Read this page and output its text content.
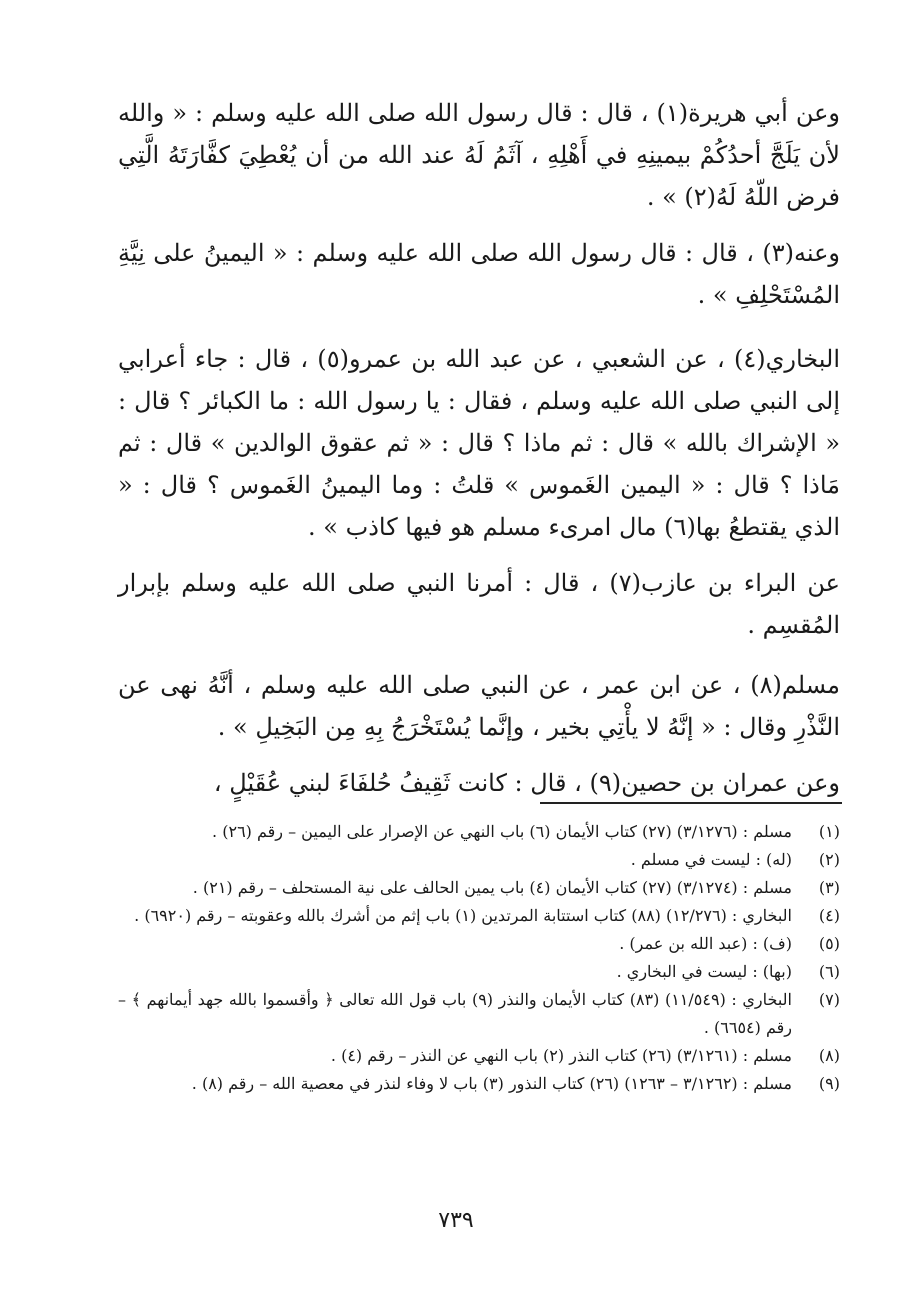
وعن أبي هريرة(١) ، قال : قال رسول الله صلى الله عليه وسلم : « والله لأن يَلَجَّ أحدُكُمْ بيمينِهِ في أَهْلِهِ ، آثَمُ لَهُ عند الله من أن يُعْطِيَ كفَّارَتَهُ الَّتِي فرض اللّهُ لَهُ(٢) » .

وعنه(٣) ، قال : قال رسول الله صلى الله عليه وسلم : « اليمينُ على نِيَّةِ المُسْتَحْلِفِ » .

البخاري(٤) ، عن الشعبي ، عن عبد الله بن عمرو(٥) ، قال : جاء أعرابي إلى النبي صلى الله عليه وسلم ، فقال : يا رسول الله : ما الكبائر ؟ قال : « الإشراك بالله » قال : ثم ماذا ؟ قال : « ثم عقوق الوالدين » قال : ثم مَاذا ؟ قال : « اليمين الغَموس » قلتُ : وما اليمينُ الغَموس ؟ قال : « الذي يقتطعُ بها(٦) مال امرىء مسلم هو فيها كاذب » .

عن البراء بن عازب(٧) ، قال : أمرنا النبي صلى الله عليه وسلم بإبرار المُقسِم .

مسلم(٨) ، عن ابن عمر ، عن النبي صلى الله عليه وسلم ، أنَّهُ نهى عن النَّذْرِ وقال : « إنَّهُ لا يأْتِي بخير ، وإنَّما يُسْتَخْرَجُ بِهِ مِن البَخِيلِ » .

وعن عمران بن حصين(٩) ، قال : كانت ثَقِيفُ حُلفَاءَ لبني عُقَيْلٍ ،

(١)
مسلم : (٣/١٢٧٦) (٢٧) كتاب الأيمان (٦) باب النهي عن الإصرار على اليمين – رقم (٢٦) .
(٢)
(له) : ليست في مسلم .
(٣)
مسلم : (٣/١٢٧٤) (٢٧) كتاب الأيمان (٤) باب يمين الحالف على نية المستحلف – رقم (٢١) .
(٤)
البخاري : (١٢/٢٧٦) (٨٨) كتاب استتابة المرتدين (١) باب إثم من أشرك بالله وعقوبته – رقم (٦٩٢٠) .
(٥)
(ف) : (عبد الله بن عمر) .
(٦)
(بها) : ليست في البخاري .
(٧)
البخاري : (١١/٥٤٩) (٨٣) كتاب الأيمان والنذر (٩) باب قول الله تعالى ﴿ وأقسموا بالله جهد أيمانهم ﴾ – رقم (٦٦٥٤) .
(٨)
مسلم : (٣/١٢٦١) (٢٦) كتاب النذر (٢) باب النهي عن النذر – رقم (٤) .
(٩)
مسلم : (٣/١٢٦٢ – ١٢٦٣) (٢٦) كتاب النذور (٣) باب لا وفاء لنذر في معصية الله – رقم (٨) .
٧٣٩
